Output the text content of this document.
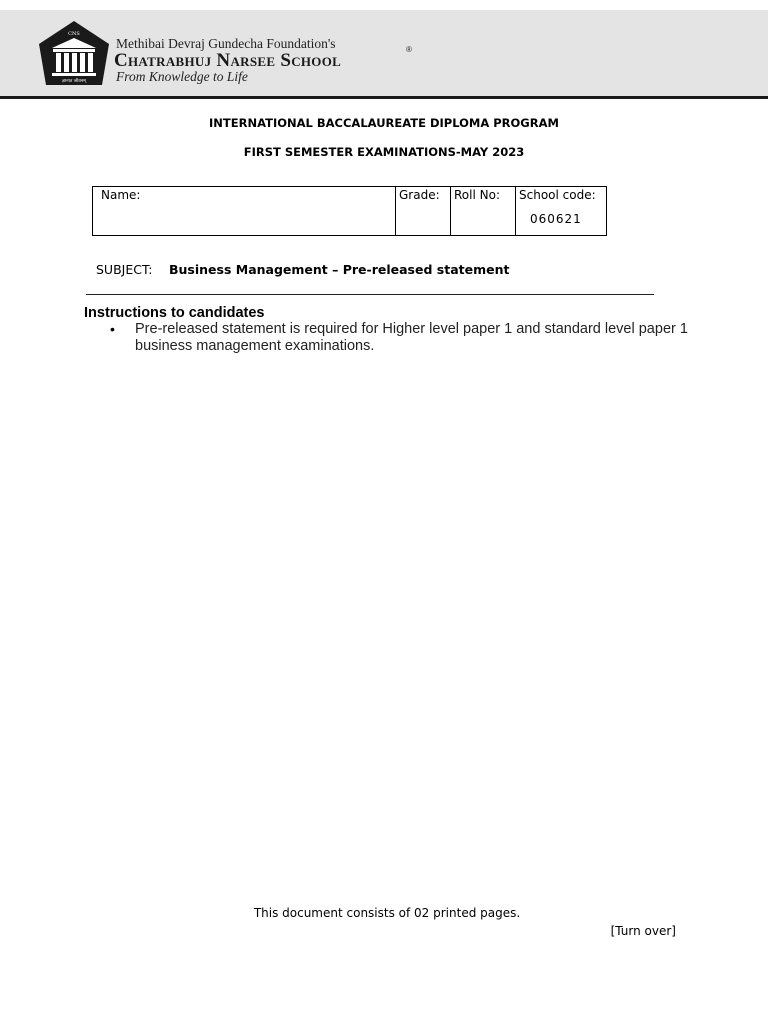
CNS
ज्ञानात जीवनम्
Methibai Devraj Gundecha Foundation's
Chatrabhuj Narsee School
®
From Knowledge to Life
INTERNATIONAL BACCALAUREATE DIPLOMA PROGRAM
FIRST SEMESTER EXAMINATIONS-MAY 2023
Name:	Grade:	Roll No:	School code:
060621
SUBJECT: Business Management – Pre-released statement
Instructions to candidates
• Pre-released statement is required for Higher level paper 1 and standard level paper 1 business management examinations.
This document consists of 02 printed pages.
[Turn over]
